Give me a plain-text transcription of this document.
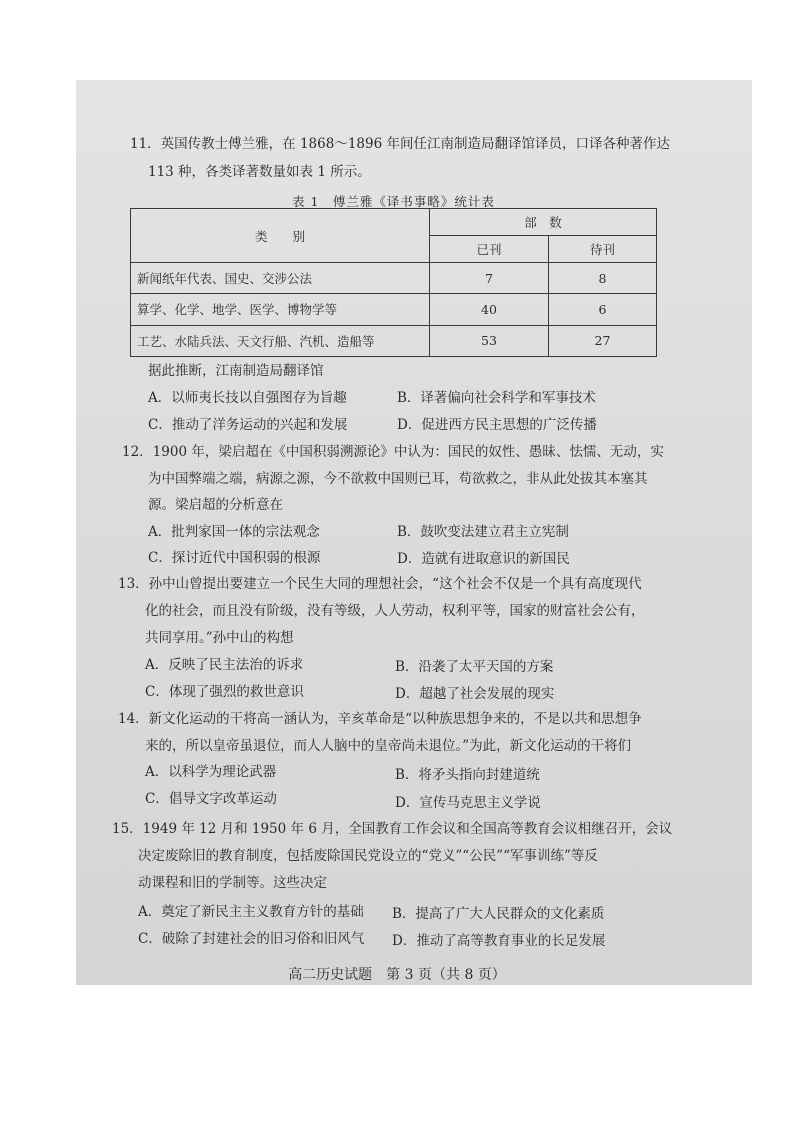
11．英国传教士傅兰雅，在 1868～1896 年间任江南制造局翻译馆译员，口译各种著作达
113 种，各类译著数量如表 1 所示。
表 1　傅兰雅《译书事略》统计表
类　　别	部　数	
	已刊	待刊
新闻纸年代表、国史、交涉公法	7	8
算学、化学、地学、医学、博物学等	40	6
工艺、水陆兵法、天文行船、汽机、造船等	53	27
据此推断，江南制造局翻译馆
A．以师夷长技以自强图存为旨趣	B．译著偏向社会科学和军事技术
C．推动了洋务运动的兴起和发展	D．促进西方民主思想的广泛传播
12．1900 年，梁启超在《中国积弱溯源论》中认为：国民的奴性、愚昧、怯懦、无动，实
为中国弊端之端，病源之源，今不欲救中国则已耳，苟欲救之，非从此处拔其本塞其
源。梁启超的分析意在
A．批判家国一体的宗法观念	B．鼓吹变法建立君主立宪制
C．探讨近代中国积弱的根源	D．造就有进取意识的新国民
13．孙中山曾提出要建立一个民生大同的理想社会，“这个社会不仅是一个具有高度现代
化的社会，而且没有阶级，没有等级，人人劳动，权利平等，国家的财富社会公有，
共同享用。”孙中山的构想
A．反映了民主法治的诉求	B．沿袭了太平天国的方案
C．体现了强烈的救世意识	D．超越了社会发展的现实
14．新文化运动的干将高一涵认为，辛亥革命是“以种族思想争来的，不是以共和思想争
来的，所以皇帝虽退位，而人人脑中的皇帝尚未退位。”为此，新文化运动的干将们
A．以科学为理论武器	B．将矛头指向封建道统
C．倡导文字改革运动	D．宣传马克思主义学说
15．1949 年 12 月和 1950 年 6 月，全国教育工作会议和全国高等教育会议相继召开，会议
决定废除旧的教育制度，包括废除国民党设立的“党义”“公民”“军事训练”等反
动课程和旧的学制等。这些决定
A．奠定了新民主主义教育方针的基础 B．提高了广大人民群众的文化素质
C．破除了封建社会的旧习俗和旧风气 D．推动了高等教育事业的长足发展
高二历史试题　第 3 页（共 8 页）
